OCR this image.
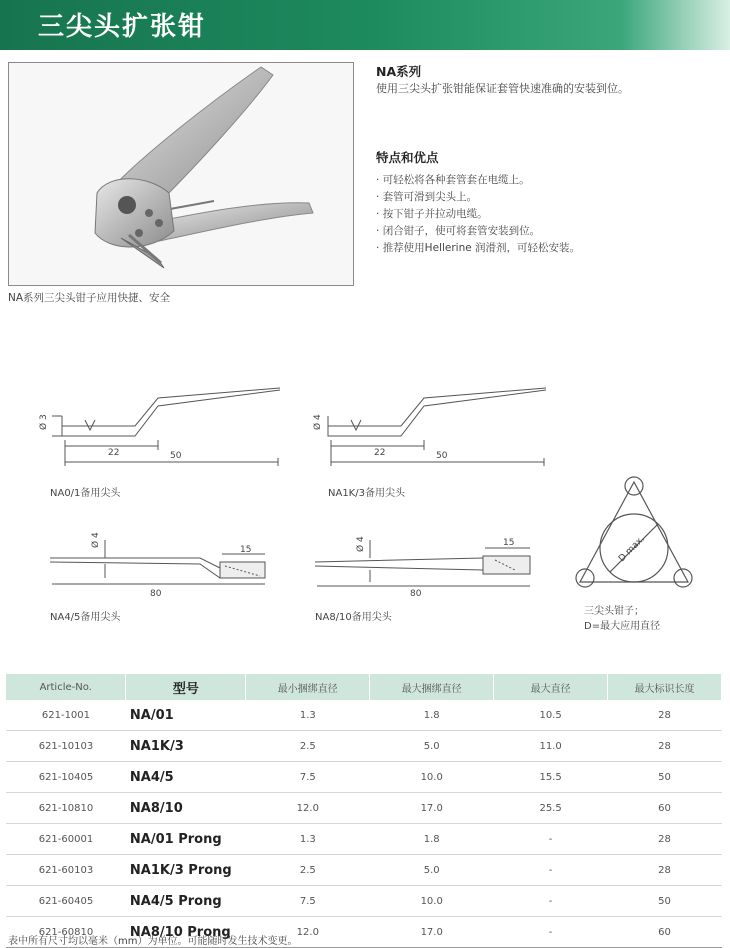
三尖头扩张钳
NA系列三尖头钳子应用快捷、安全
NA系列
使用三尖头扩张钳能保证套管快速准确的安装到位。
特点和优点
· 可轻松将各种套管套在电缆上。
· 套管可滑到尖头上。
· 按下钳子并拉动电缆。
· 闭合钳子，使可将套管安装到位。
· 推荐使用Hellerine 润滑剂，可轻松安装。
Ø 3
22	50
NA0/1备用尖头
Ø 4
22	50
NA1K/3备用尖头
Ø 4
15
80
NA4/5备用尖头
Ø 4	15
80
NA8/10备用尖头
D max.
三尖头钳子；
D=最大应用直径
Article-No.	型号	最小捆绑直径	最大捆绑直径	最大直径	最大标识长度
621-1001	NA/01	1.3	1.8	10.5	28
621-10103	NA1K/3	2.5	5.0	11.0	28
621-10405	NA4/5	7.5	10.0	15.5	50
621-10810	NA8/10	12.0	17.0	25.5	60
621-60001	NA/01 Prong	1.3	1.8	-	28
621-60103	NA1K/3 Prong	2.5	5.0	-	28
621-60405	NA4/5 Prong	7.5	10.0	-	50
621-60810	NA8/10 Prong	12.0	17.0	-	60
表中所有尺寸均以毫米（mm）为单位。可能随时发生技术变更。
